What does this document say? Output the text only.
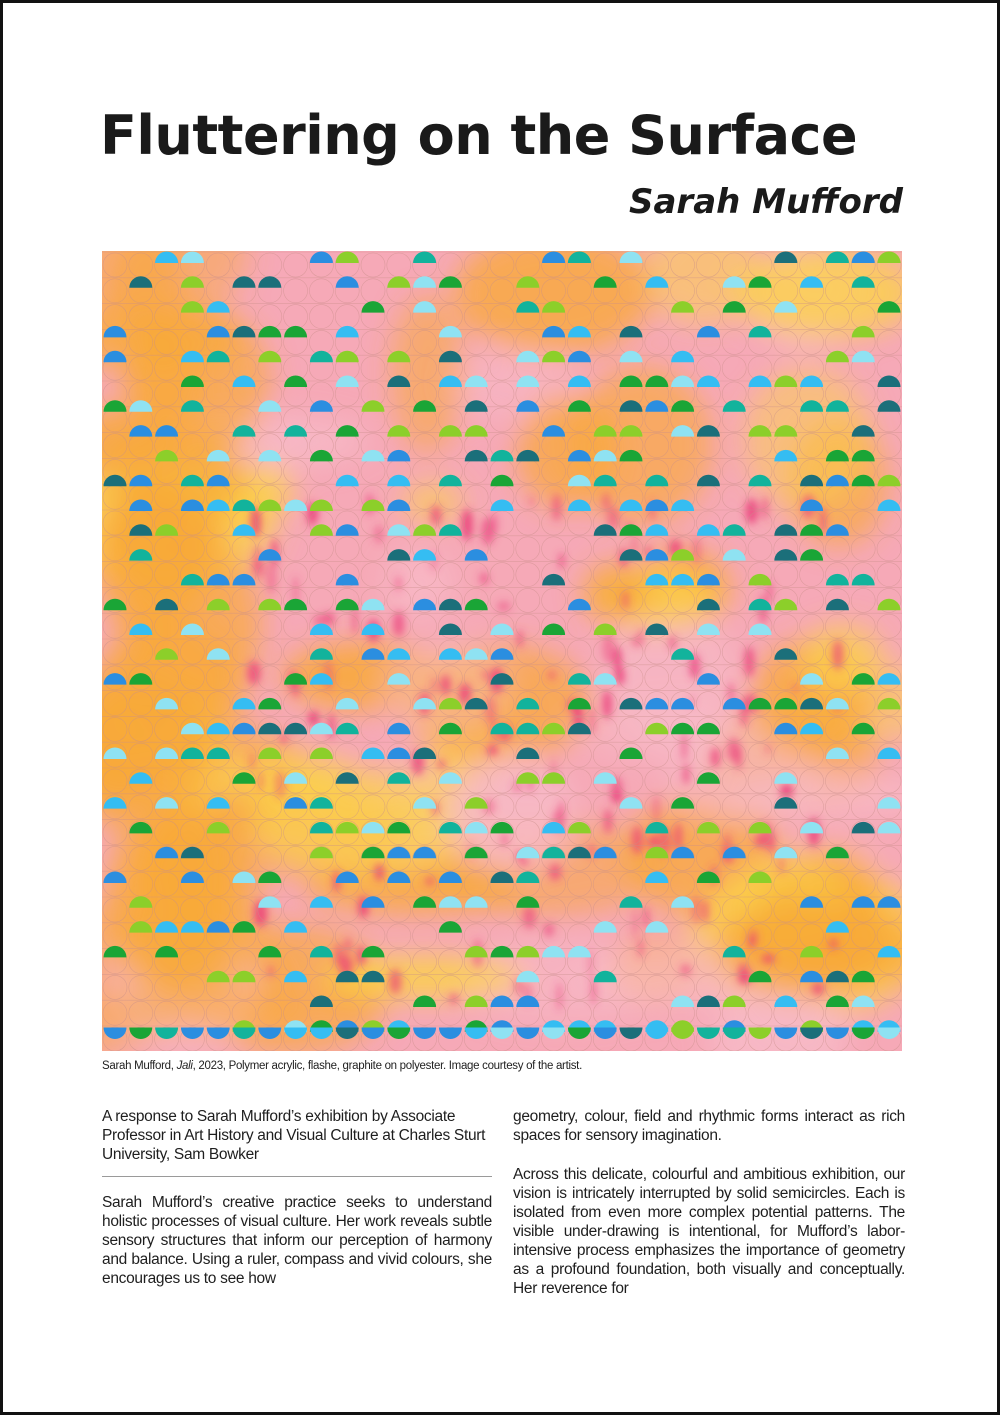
Fluttering on the Surface
Sarah Mufford
Sarah Mufford, Jali, 2023, Polymer acrylic, flashe, graphite on polyester. Image courtesy of the artist.

A response to Sarah Mufford’s exhibition by Associate Professor in Art History and Visual Culture at Charles Sturt University, Sam Bowker

Sarah Mufford’s creative practice seeks to understand holistic processes of visual culture. Her work reveals subtle sensory structures that inform our perception of harmony and balance. Using a ruler, compass and vivid colours, she encourages us to see how

geometry, colour, field and rhythmic forms interact as rich spaces for sensory imagination.

Across this delicate, colourful and ambitious exhibition, our vision is intricately interrupted by solid semicircles. Each is isolated from even more complex potential patterns. The visible under-drawing is intentional, for Mufford’s labor-intensive process emphasizes the importance of geometry as a profound foundation, both visually and conceptually. Her reverence for
